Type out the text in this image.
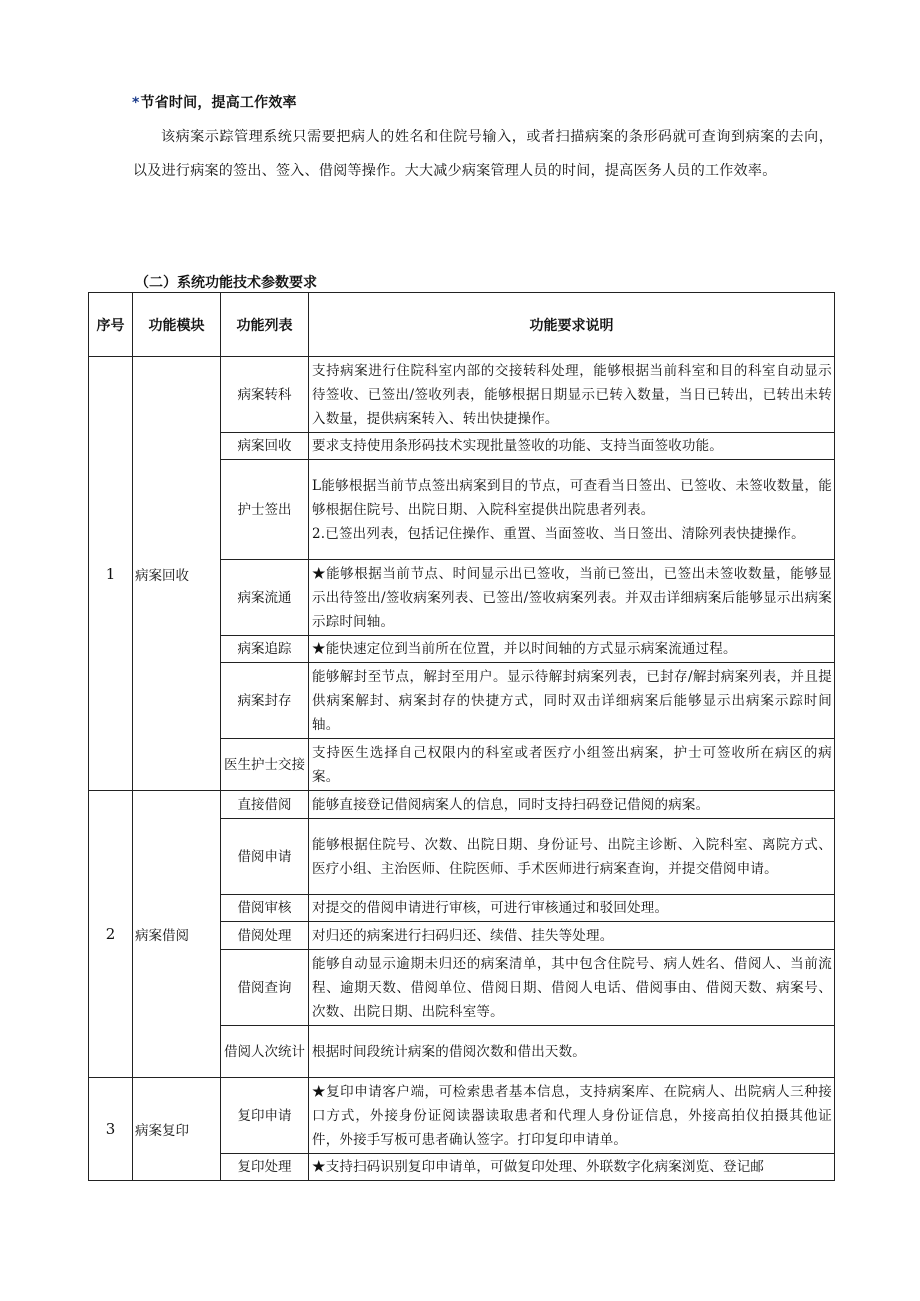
*节省时间，提高工作效率
该病案示踪管理系统只需要把病人的姓名和住院号输入，或者扫描病案的条形码就可查询到病案的去向，以及进行病案的签出、签入、借阅等操作。大大减少病案管理人员的时间，提高医务人员的工作效率。
（二）系统功能技术参数要求
序号	功能模块	功能列表	功能要求说明
1	病案回收	病案转科	支持病案进行住院科室内部的交接转科处理，能够根据当前科室和目的科室自动显示待签收、已签出/签收列表，能够根据日期显示已转入数量，当日已转出，已转出未转入数量，提供病案转入、转出快捷操作。

		病案回收	要求支持使用条形码技术实现批量签收的功能、支持当面签收功能。

		护士签出	L能够根据当前节点签出病案到目的节点，可查看当日签出、已签收、未签收数量，能够根据住院号、出院日期、入院科室提供出院患者列表。
2.已签出列表，包括记住操作、重置、当面签收、当日签出、清除列表快捷操作。

		病案流通	★能够根据当前节点、时间显示出已签收，当前已签出，已签出未签收数量，能够显示出待签出/签收病案列表、已签出/签收病案列表。并双击详细病案后能够显示出病案示踪时间轴。

		病案追踪	★能快速定位到当前所在位置，并以时间轴的方式显示病案流通过程。

		病案封存	能够解封至节点，解封至用户。显示待解封病案列表，已封存/解封病案列表，并且提供病案解封、病案封存的快捷方式，同时双击详细病案后能够显示出病案示踪时间轴。

		医生护士交接	支持医生选择自己权限内的科室或者医疗小组签出病案，护士可签收所在病区的病案。

2	病案借阅	直接借阅	能够直接登记借阅病案人的信息，同时支持扫码登记借阅的病案。

		借阅申请	能够根据住院号、次数、出院日期、身份证号、出院主诊断、入院科室、离院方式、医疗小组、主治医师、住院医师、手术医师进行病案查询，并提交借阅申请。

		借阅审核	对提交的借阅申请进行审核，可进行审核通过和驳回处理。

		借阅处理	对归还的病案进行扫码归还、续借、挂失等处理。

		借阅查询	能够自动显示逾期未归还的病案清单，其中包含住院号、病人姓名、借阅人、当前流程、逾期天数、借阅单位、借阅日期、借阅人电话、借阅事由、借阅天数、病案号、次数、出院日期、出院科室等。

		借阅人次统计	根据时间段统计病案的借阅次数和借出天数。

3	病案复印	复印申请	★复印申请客户端，可检索患者基本信息，支持病案库、在院病人、出院病人三种接口方式，外接身份证阅读器读取患者和代理人身份证信息，外接高拍仪拍摄其他证件，外接手写板可患者确认签字。打印复印申请单。

		复印处理	★支持扫码识别复印申请单，可做复印处理、外联数字化病案浏览、登记邮
